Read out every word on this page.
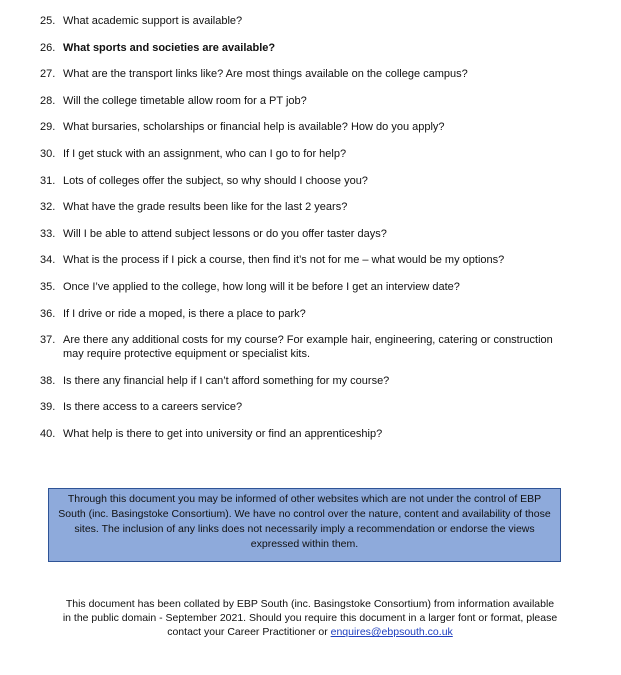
25. What academic support is available?
26. What sports and societies are available?
27. What are the transport links like? Are most things available on the college campus?
28. Will the college timetable allow room for a PT job?
29. What bursaries, scholarships or financial help is available? How do you apply?
30. If I get stuck with an assignment, who can I go to for help?
31. Lots of colleges offer the subject, so why should I choose you?
32. What have the grade results been like for the last 2 years?
33. Will I be able to attend subject lessons or do you offer taster days?
34. What is the process if I pick a course, then find it’s not for me – what would be my options?
35. Once I’ve applied to the college, how long will it be before I get an interview date?
36. If I drive or ride a moped, is there a place to park?
37. Are there any additional costs for my course? For example hair, engineering, catering or construction may require protective equipment or specialist kits.
38. Is there any financial help if I can’t afford something for my course?
39. Is there access to a careers service?
40. What help is there to get into university or find an apprenticeship?
Through this document you may be informed of other websites which are not under the control of EBP South (inc. Basingstoke Consortium). We have no control over the nature, content and availability of those sites. The inclusion of any links does not necessarily imply a recommendation or endorse the views expressed within them.
This document has been collated by EBP South (inc. Basingstoke Consortium) from information available in the public domain - September 2021. Should you require this document in a larger font or format, please contact your Career Practitioner or enquires@ebpsouth.co.uk
